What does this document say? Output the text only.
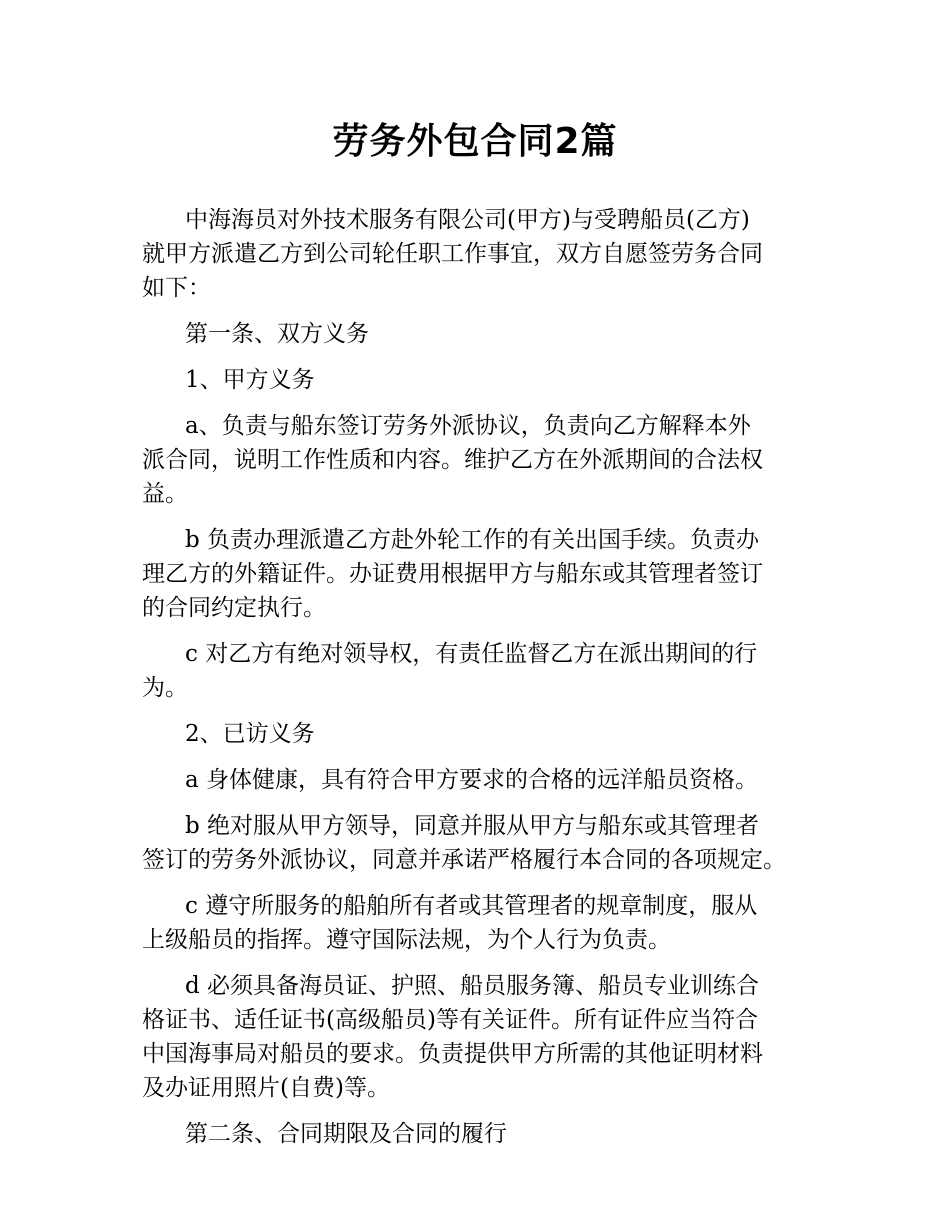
劳务外包合同2篇

中海海员对外技术服务有限公司(甲方)与受聘船员(乙方)
就甲方派遣乙方到公司轮任职工作事宜，双方自愿签劳务合同
如下：

第一条、双方义务

1、甲方义务

a、负责与船东签订劳务外派协议，负责向乙方解释本外
派合同，说明工作性质和内容。维护乙方在外派期间的合法权
益。

b 负责办理派遣乙方赴外轮工作的有关出国手续。负责办
理乙方的外籍证件。办证费用根据甲方与船东或其管理者签订
的合同约定执行。

c 对乙方有绝对领导权，有责任监督乙方在派出期间的行
为。

2、已访义务

a 身体健康，具有符合甲方要求的合格的远洋船员资格。

b 绝对服从甲方领导，同意并服从甲方与船东或其管理者
签订的劳务外派协议，同意并承诺严格履行本合同的各项规定。

c 遵守所服务的船舶所有者或其管理者的规章制度，服从
上级船员的指挥。遵守国际法规，为个人行为负责。

d 必须具备海员证、护照、船员服务簿、船员专业训练合
格证书、适任证书(高级船员)等有关证件。所有证件应当符合
中国海事局对船员的要求。负责提供甲方所需的其他证明材料
及办证用照片(自费)等。

第二条、合同期限及合同的履行
